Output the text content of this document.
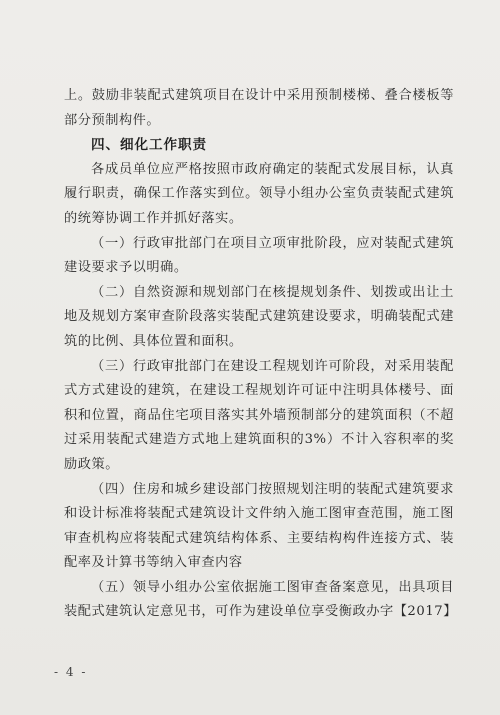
上。鼓励非装配式建筑项目在设计中采用预制楼梯、叠合楼板等部分预制构件。

四、细化工作职责

各成员单位应严格按照市政府确定的装配式发展目标，认真履行职责，确保工作落实到位。领导小组办公室负责装配式建筑的统筹协调工作并抓好落实。

（一）行政审批部门在项目立项审批阶段，应对装配式建筑建设要求予以明确。

（二）自然资源和规划部门在核提规划条件、划拨或出让土地及规划方案审查阶段落实装配式建筑建设要求，明确装配式建筑的比例、具体位置和面积。

（三）行政审批部门在建设工程规划许可阶段，对采用装配式方式建设的建筑，在建设工程规划许可证中注明具体楼号、面积和位置，商品住宅项目落实其外墙预制部分的建筑面积（不超过采用装配式建造方式地上建筑面积的3%）不计入容积率的奖励政策。

（四）住房和城乡建设部门按照规划注明的装配式建筑要求和设计标准将装配式建筑设计文件纳入施工图审查范围，施工图审查机构应将装配式建筑结构体系、主要结构构件连接方式、装配率及计算书等纳入审查内容

（五）领导小组办公室依据施工图审查备案意见，出具项目装配式建筑认定意见书，可作为建设单位享受衡政办字【2017】

- 4 -
